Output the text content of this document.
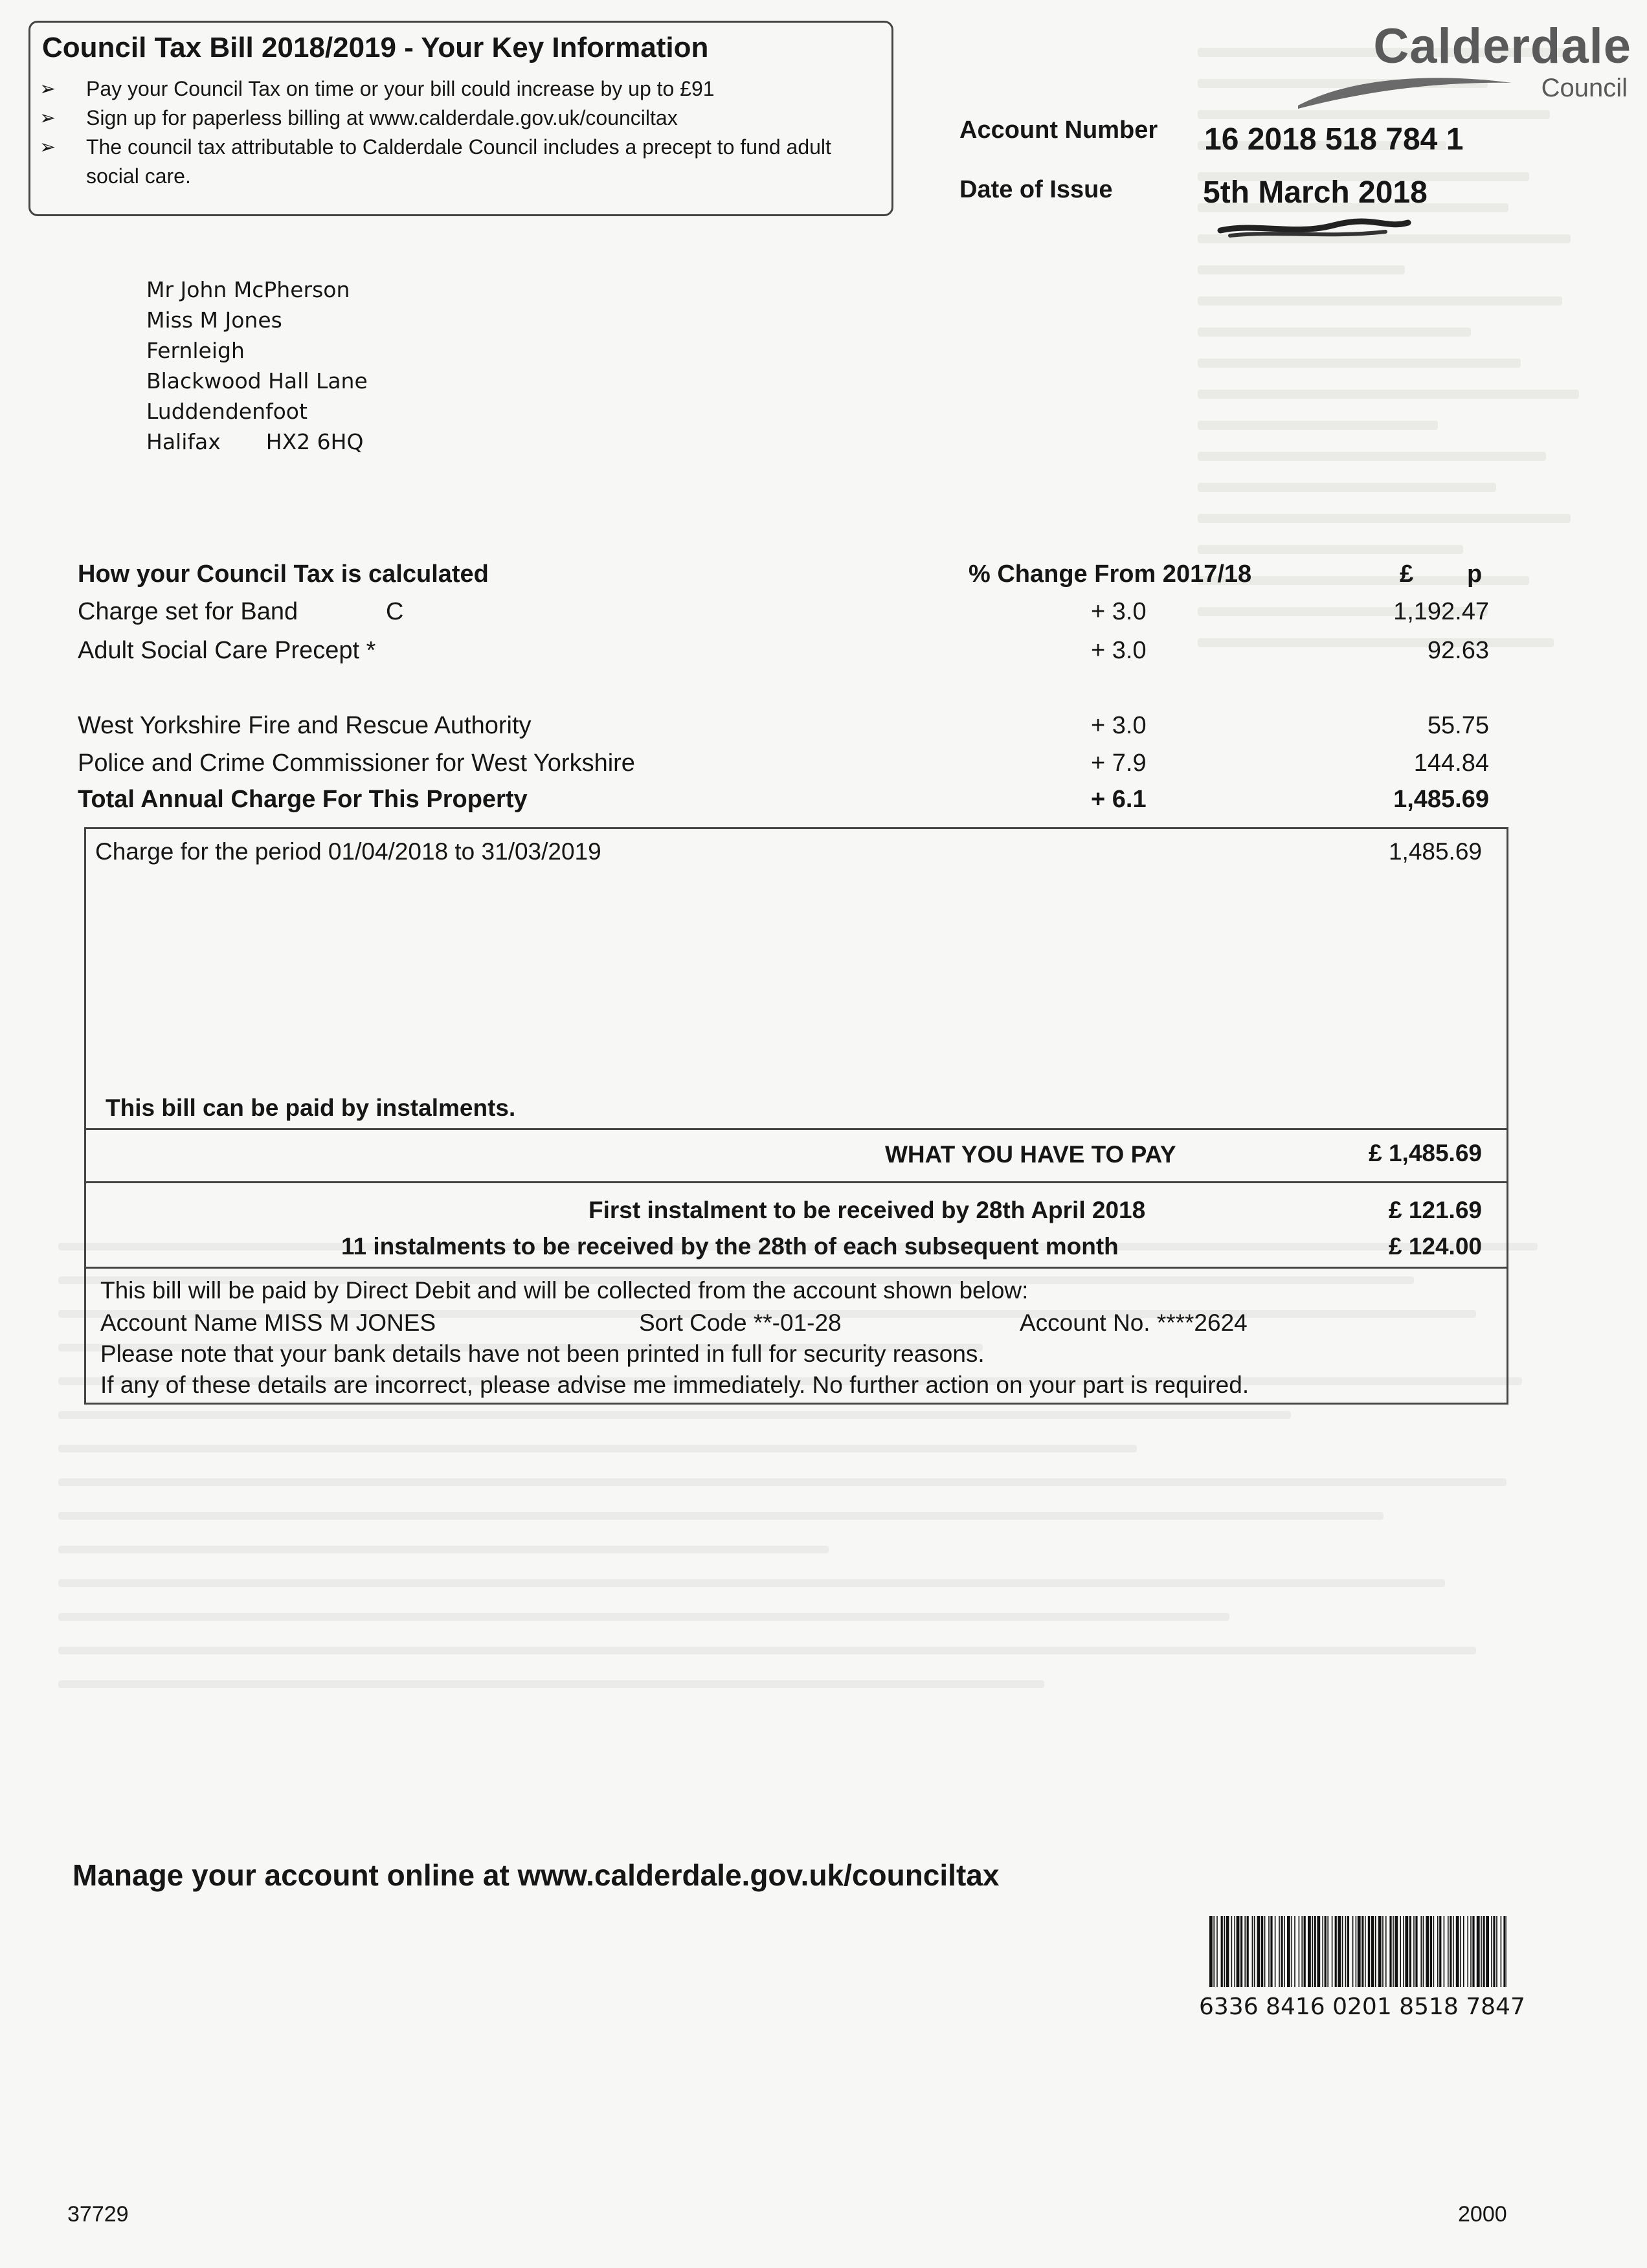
Council Tax Bill 2018/2019 - Your Key Information
➢ Pay your Council Tax on time or your bill could increase by up to £91
➢ Sign up for paperless billing at www.calderdale.gov.uk/counciltax
➢ The council tax attributable to Calderdale Council includes a precept to fund adult social care.
Calderdale
Council
Account Number 16 2018 518 784 1
Date of Issue	5th March 2018
Mr John McPherson
Miss M Jones
Fernleigh
Blackwood Hall Lane
Luddendenfoot
Halifax HX2 6HQ
How your Council Tax is calculated	% Change From 2017/18	£ p
Charge set for Band	C	+ 3.0	1,192.47
Adult Social Care Precept *	+ 3.0	92.63
West Yorkshire Fire and Rescue Authority	+ 3.0	55.75
Police and Crime Commissioner for West Yorkshire	+ 7.9	144.84
Total Annual Charge For This Property	+ 6.1	1,485.69
Charge for the period 01/04/2018 to 31/03/2019	1,485.69
This bill can be paid by instalments.
WHAT YOU HAVE TO PAY	£ 1,485.69
First instalment to be received by 28th April 2018	£ 121.69
11 instalments to be received by the 28th of each subsequent month	£ 124.00
This bill will be paid by Direct Debit and will be collected from the account shown below:
Account Name MISS M JONES	Sort Code **-01-28	Account No. ****2624
Please note that your bank details have not been printed in full for security reasons.
If any of these details are incorrect, please advise me immediately. No further action on your part is required.
Manage your account online at www.calderdale.gov.uk/counciltax
6336 8416 0201 8518 7847
37729	2000
